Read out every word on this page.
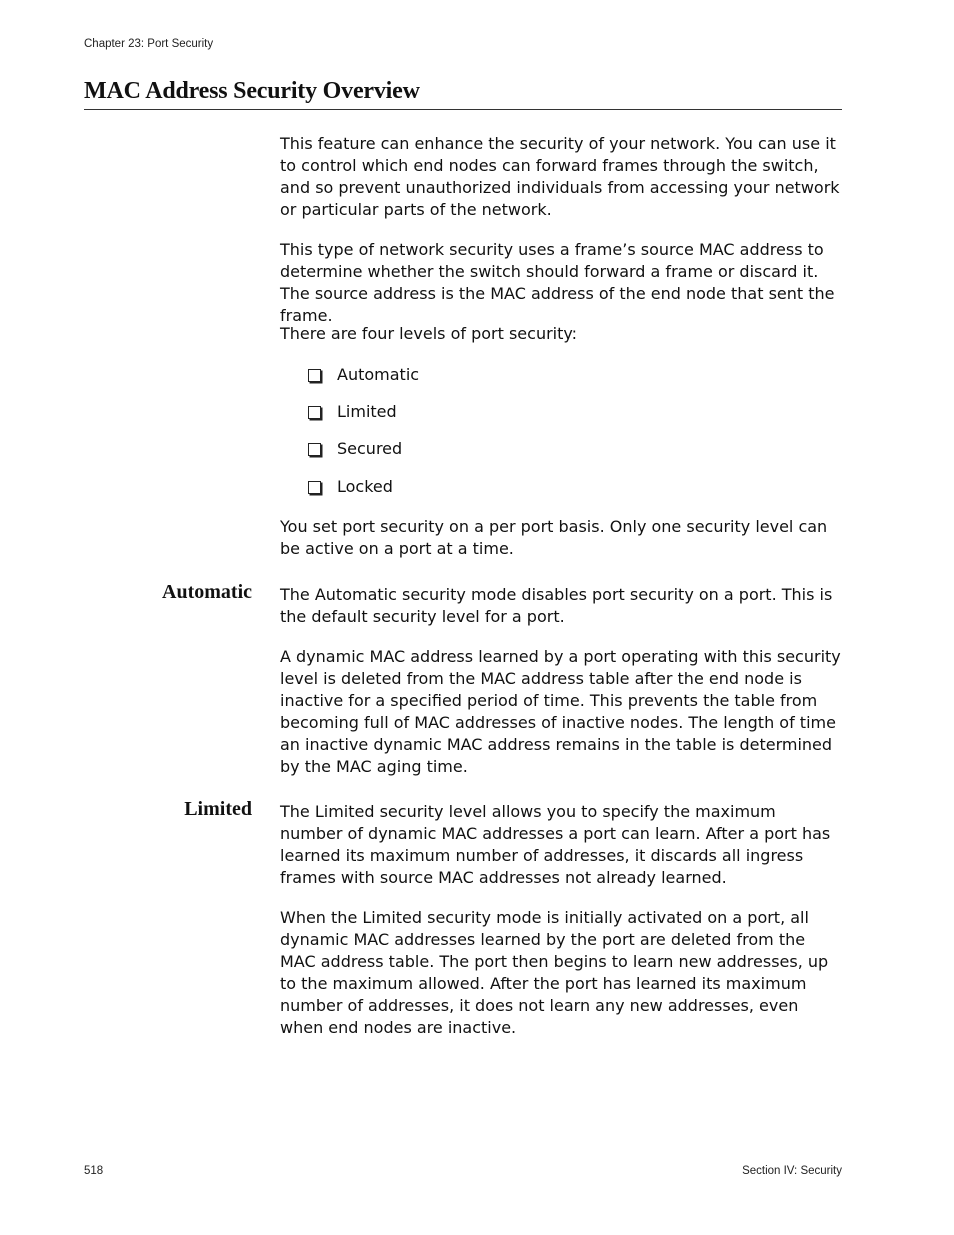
Chapter 23: Port Security
MAC Address Security Overview

This feature can enhance the security of your network. You can use it to control which end nodes can forward frames through the switch, and so prevent unauthorized individuals from accessing your network or particular parts of the network.

This type of network security uses a frame’s source MAC address to determine whether the switch should forward a frame or discard it. The source address is the MAC address of the end node that sent the frame.

There are four levels of port security:

Automatic
Limited
Secured
Locked

You set port security on a per port basis. Only one security level can be active on a port at a time.

Automatic The Automatic security mode disables port security on a port. This is the default security level for a port.

A dynamic MAC address learned by a port operating with this security level is deleted from the MAC address table after the end node is inactive for a specified period of time. This prevents the table from becoming full of MAC addresses of inactive nodes. The length of time an inactive dynamic MAC address remains in the table is determined by the MAC aging time.

Limited The Limited security level allows you to specify the maximum number of dynamic MAC addresses a port can learn. After a port has learned its maximum number of addresses, it discards all ingress frames with source MAC addresses not already learned.

When the Limited security mode is initially activated on a port, all dynamic MAC addresses learned by the port are deleted from the MAC address table. The port then begins to learn new addresses, up to the maximum allowed. After the port has learned its maximum number of addresses, it does not learn any new addresses, even when end nodes are inactive.

518	Section IV: Security
